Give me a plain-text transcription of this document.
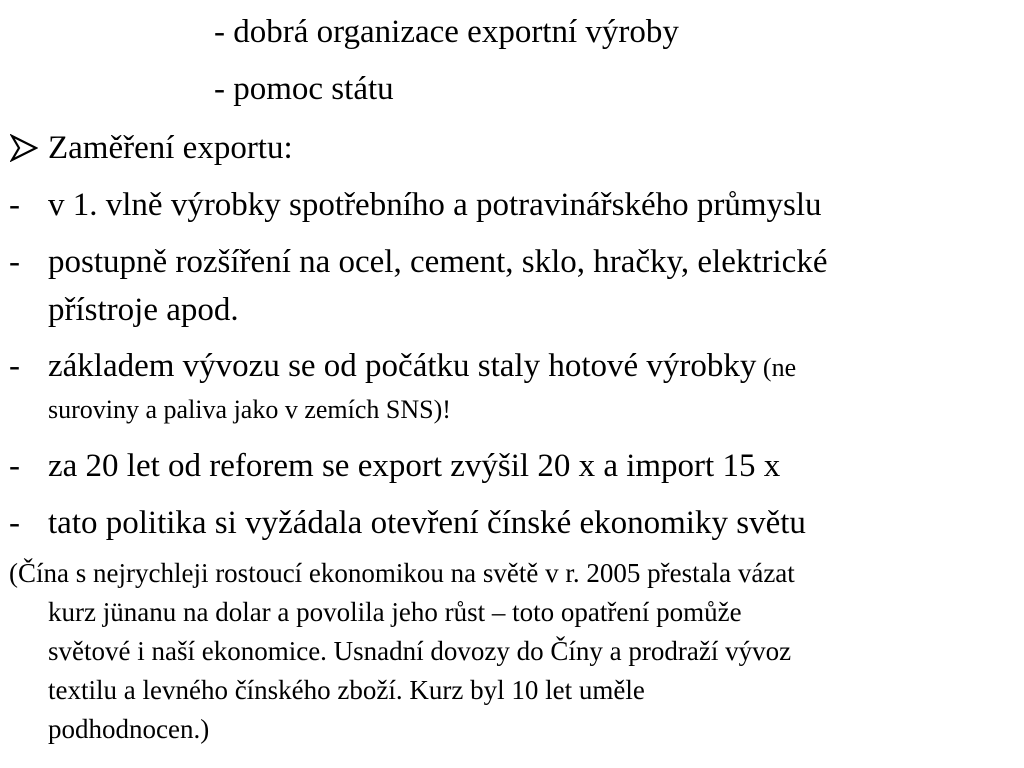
- dobrá organizace exportní výroby
- pomoc státu
Zaměření exportu:
- v 1. vlně výrobky spotřebního a potravinářského průmyslu
- postupně rozšíření na ocel, cement, sklo, hračky, elektrické
přístroje apod.
- základem vývozu se od počátku staly hotové výrobky (ne
suroviny a paliva jako v zemích SNS)!
- za 20 let od reforem se export zvýšil 20 x a import 15 x
- tato politika si vyžádala otevření čínské ekonomiky světu
(Čína s nejrychleji rostoucí ekonomikou na světě v r. 2005 přestala vázat
kurz jünanu na dolar a povolila jeho růst – toto opatření pomůže
světové i naší ekonomice. Usnadní dovozy do Číny a prodraží vývoz
textilu a levného čínského zboží. Kurz byl 10 let uměle
podhodnocen.)
